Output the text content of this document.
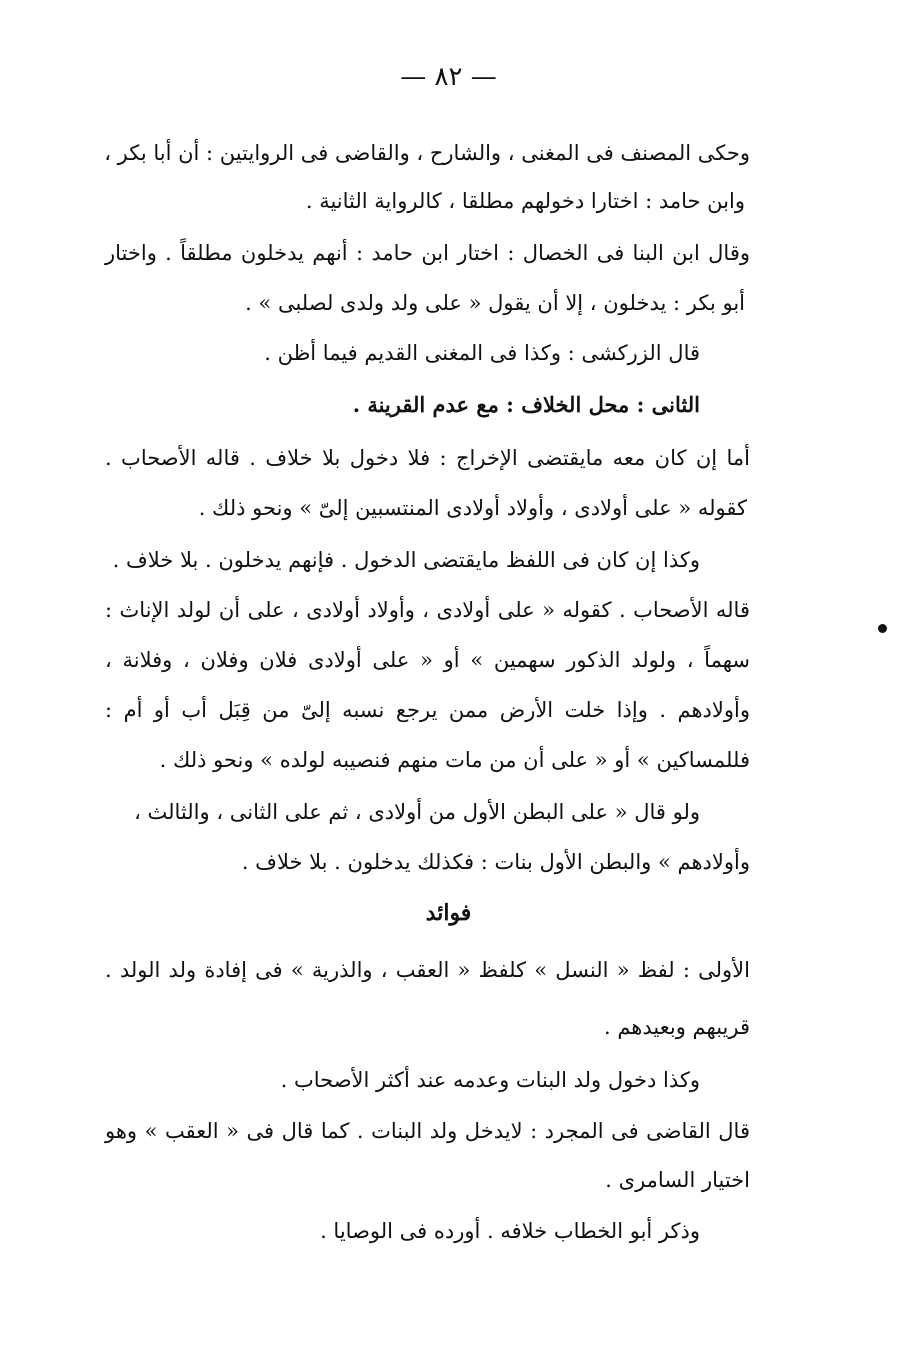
— ٨٢ —
وحكى المصنف فى المغنى ، والشارح ، والقاضى فى الروايتين : أن أبا بكر ،
وابن حامد : اختارا دخولهم مطلقا ، كالرواية الثانية .
وقال ابن البنا فى الخصال : اختار ابن حامد : أنهم يدخلون مطلقاً . واختار
أبو بكر : يدخلون ، إلا أن يقول « على ولد ولدى لصلبى » .
قال الزركشى : وكذا فى المغنى القديم فيما أظن .
الثانى : محل الخلاف : مع عدم القرينة .
أما إن كان معه مايقتضى الإخراج : فلا دخول بلا خلاف . قاله الأصحاب .
كقوله « على أولادى ، وأولاد أولادى المنتسبين إلىّ » ونحو ذلك .
وكذا إن كان فى اللفظ مايقتضى الدخول . فإنهم يدخلون . بلا خلاف .
قاله الأصحاب . كقوله « على أولادى ، وأولاد أولادى ، على أن لولد الإناث :
سهماً ، ولولد الذكور سهمين » أو « على أولادى فلان وفلان ، وفلانة ،
وأولادهم . وإذا خلت الأرض ممن يرجع نسبه إلىّ من قِبَل أب أو أم :
فللمساكين » أو « على أن من مات منهم فنصيبه لولده » ونحو ذلك .
ولو قال « على البطن الأول من أولادى ، ثم على الثانى ، والثالث ،
وأولادهم » والبطن الأول بنات : فكذلك يدخلون . بلا خلاف .
فوائد
الأولى : لفظ « النسل » كلفظ « العقب ، والذرية » فى إفادة ولد الولد .
قريبهم وبعيدهم .
وكذا دخول ولد البنات وعدمه عند أكثر الأصحاب .
قال القاضى فى المجرد : لايدخل ولد البنات . كما قال فى « العقب » وهو
اختيار السامرى .
وذكر أبو الخطاب خلافه . أورده فى الوصايا .
